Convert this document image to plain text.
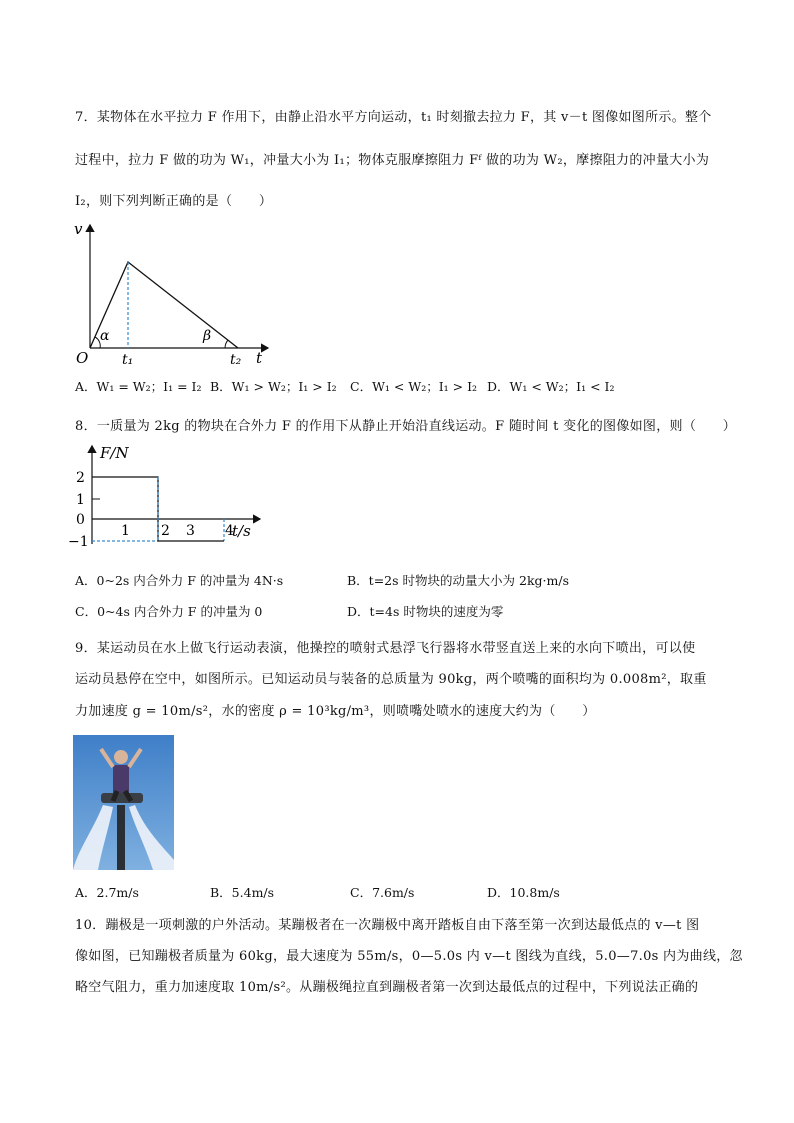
7．某物体在水平拉力 F 作用下，由静止沿水平方向运动，t₁ 时刻撤去拉力 F，其 v－t 图像如图所示。整个
过程中，拉力 F 做的功为 W₁，冲量大小为 I₁；物体克服摩擦阻力 Fᶠ 做的功为 W₂，摩擦阻力的冲量大小为
I₂，则下列判断正确的是（　　）
v
t
O t₁	t₂
α	β
A．W₁ = W₂；I₁ = I₂ B．W₁ > W₂；I₁ > I₂ C．W₁ < W₂；I₁ > I₂ D．W₁ < W₂；I₁ < I₂
8．一质量为 2kg 的物块在合外力 F 的作用下从静止开始沿直线运动。F 随时间 t 变化的图像如图，则（　　）
F/N
t/s
2
1
0
−1
1 2 3 4
A．0~2s 内合外力 F 的冲量为 4N·s	B．t=2s 时物块的动量大小为 2kg·m/s
C．0~4s 内合外力 F 的冲量为 0	D．t=4s 时物块的速度为零
9．某运动员在水上做飞行运动表演，他操控的喷射式悬浮飞行器将水带竖直送上来的水向下喷出，可以使
运动员悬停在空中，如图所示。已知运动员与装备的总质量为 90kg，两个喷嘴的面积均为 0.008m²，取重
力加速度 g = 10m/s²，水的密度 ρ = 10³kg/m³，则喷嘴处喷水的速度大约为（　　）
A．2.7m/s	B．5.4m/s	C．7.6m/s	D．10.8m/s
10．蹦极是一项刺激的户外活动。某蹦极者在一次蹦极中离开踏板自由下落至第一次到达最低点的 v—t 图
像如图，已知蹦极者质量为 60kg，最大速度为 55m/s，0—5.0s 内 v—t 图线为直线，5.0—7.0s 内为曲线，忽
略空气阻力，重力加速度取 10m/s²。从蹦极绳拉直到蹦极者第一次到达最低点的过程中，下列说法正确的
